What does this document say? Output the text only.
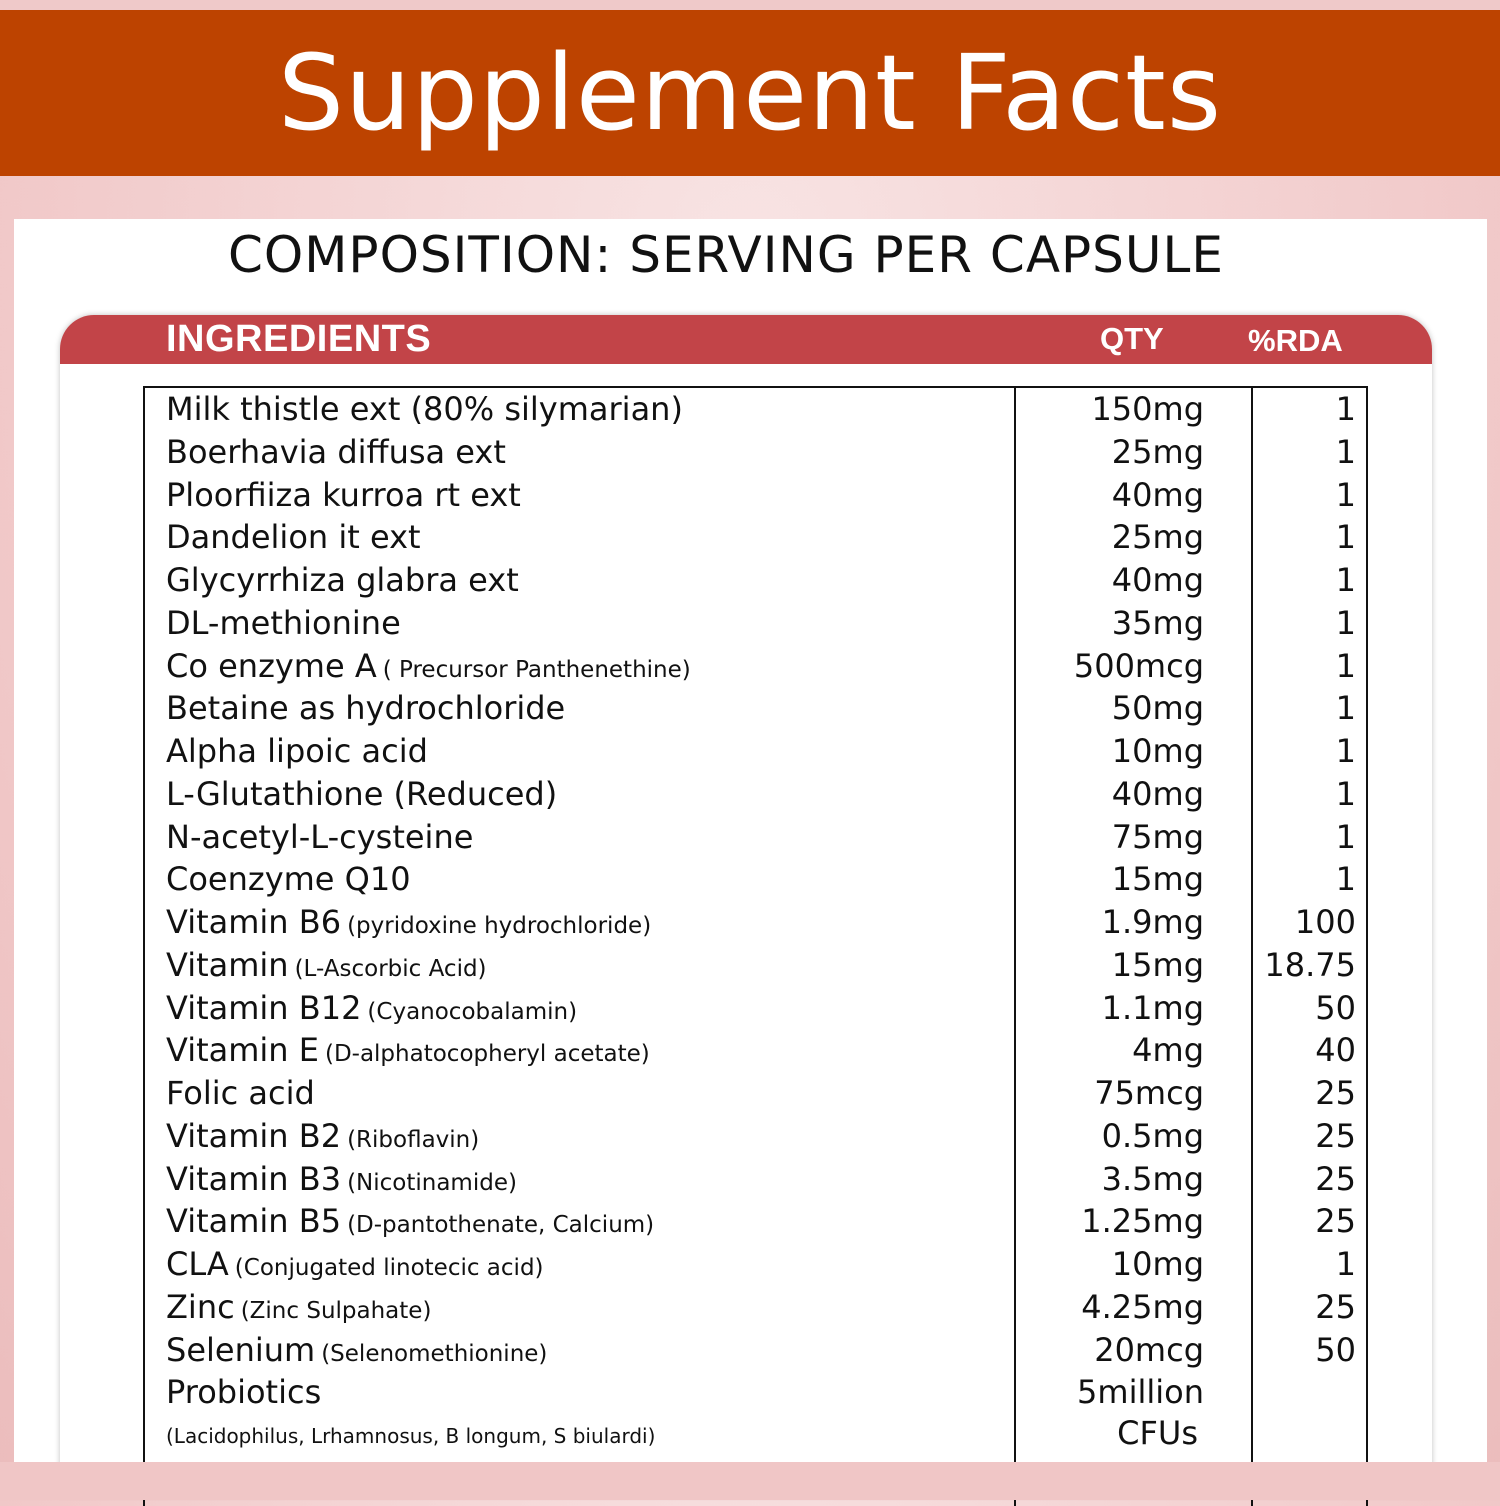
Supplement Facts
COMPOSITION: SERVING PER CAPSULE
INGREDIENTS	QTY	%RDA
Milk thistle ext (80% silymarian)	150mg	1
Boerhavia diffusa ext	25mg	1
Ploorfiiza kurroa rt ext	40mg	1
Dandelion it ext	25mg	1
Glycyrrhiza glabra ext	40mg	1
DL-methionine	35mg	1
Co enzyme A ( Precursor Panthenethine)	500mcg	1
Betaine as hydrochloride	50mg	1
Alpha lipoic acid	10mg	1
L-Glutathione (Reduced)	40mg	1
N-acetyl-L-cysteine	75mg	1
Coenzyme Q10	15mg	1
Vitamin B6 (pyridoxine hydrochloride)	1.9mg	100
Vitamin (L-Ascorbic Acid)	15mg 18.75
Vitamin B12 (Cyanocobalamin)	1.1mg	50
Vitamin E (D-alphatocopheryl acetate)	4mg	40
Folic acid	75mcg	25
Vitamin B2 (Riboflavin)	0.5mg	25
Vitamin B3 (Nicotinamide)	3.5mg	25
Vitamin B5 (D-pantothenate, Calcium)	1.25mg	25
CLA (Conjugated linotecic acid)	10mg	1
Zinc (Zinc Sulpahate)	4.25mg	25
Selenium (Selenomethionine)	20mcg	50
Probiotics	5million
(Lacidophilus, Lrhamnosus, B longum, S biulardi)	CFUs
